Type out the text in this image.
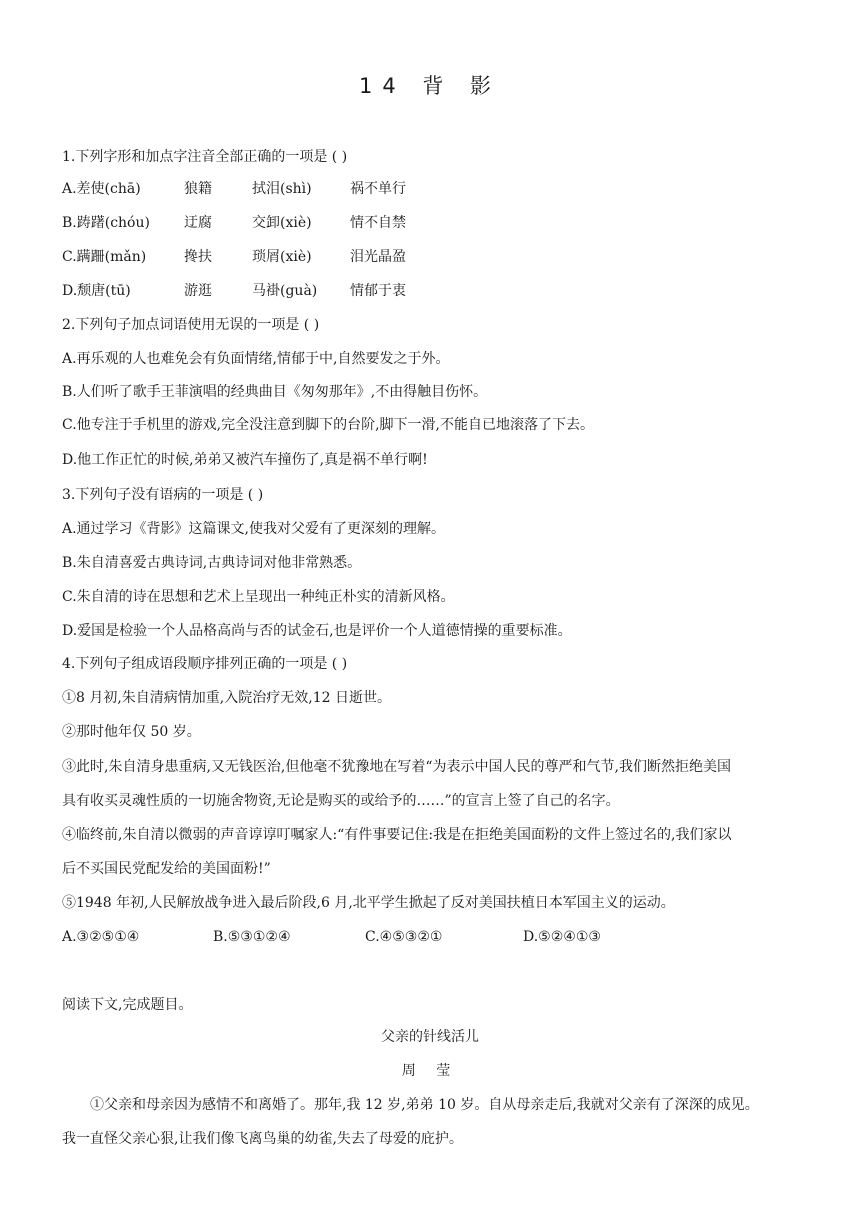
14 背 影
1.下列字形和加点字注音全部正确的一项是 ( )
A.差使(chā)	狼籍	拭泪(shì)	祸不单行
B.踌躇(chóu) 迂腐	交卸(xiè)	情不自禁
C.蹒跚(mǎn)	搀扶	琐屑(xiè)	泪光晶盈
D.颓唐(tū)	游逛	马褂(guà) 情郁于衷
2.下列句子加点词语使用无误的一项是 ( )
A.再乐观的人也难免会有负面情绪,情郁于中,自然要发之于外。
B.人们听了歌手王菲演唱的经典曲目《匆匆那年》,不由得触目伤怀。
C.他专注于手机里的游戏,完全没注意到脚下的台阶,脚下一滑,不能自已地滚落了下去。
D.他工作正忙的时候,弟弟又被汽车撞伤了,真是祸不单行啊!
3.下列句子没有语病的一项是 ( )
A.通过学习《背影》这篇课文,使我对父爱有了更深刻的理解。
B.朱自清喜爱古典诗词,古典诗词对他非常熟悉。
C.朱自清的诗在思想和艺术上呈现出一种纯正朴实的清新风格。
D.爱国是检验一个人品格高尚与否的试金石,也是评价一个人道德情操的重要标准。
4.下列句子组成语段顺序排列正确的一项是 ( )
①8 月初,朱自清病情加重,入院治疗无效,12 日逝世。
②那时他年仅 50 岁。
③此时,朱自清身患重病,又无钱医治,但他毫不犹豫地在写着“为表示中国人民的尊严和气节,我们断然拒绝美国
具有收买灵魂性质的一切施舍物资,无论是购买的或给予的……”的宣言上签了自己的名字。
④临终前,朱自清以微弱的声音谆谆叮嘱家人:“有件事要记住:我是在拒绝美国面粉的文件上签过名的,我们家以
后不买国民党配发给的美国面粉!”
⑤1948 年初,人民解放战争进入最后阶段,6 月,北平学生掀起了反对美国扶植日本军国主义的运动。
A.③②⑤①④	B.⑤③①②④	C.④⑤③②①	D.⑤②④①③
阅读下文,完成题目。
父亲的针线活儿
周 莹
①父亲和母亲因为感情不和离婚了。那年,我 12 岁,弟弟 10 岁。自从母亲走后,我就对父亲有了深深的成见。
我一直怪父亲心狠,让我们像飞离鸟巢的幼雀,失去了母爱的庇护。
